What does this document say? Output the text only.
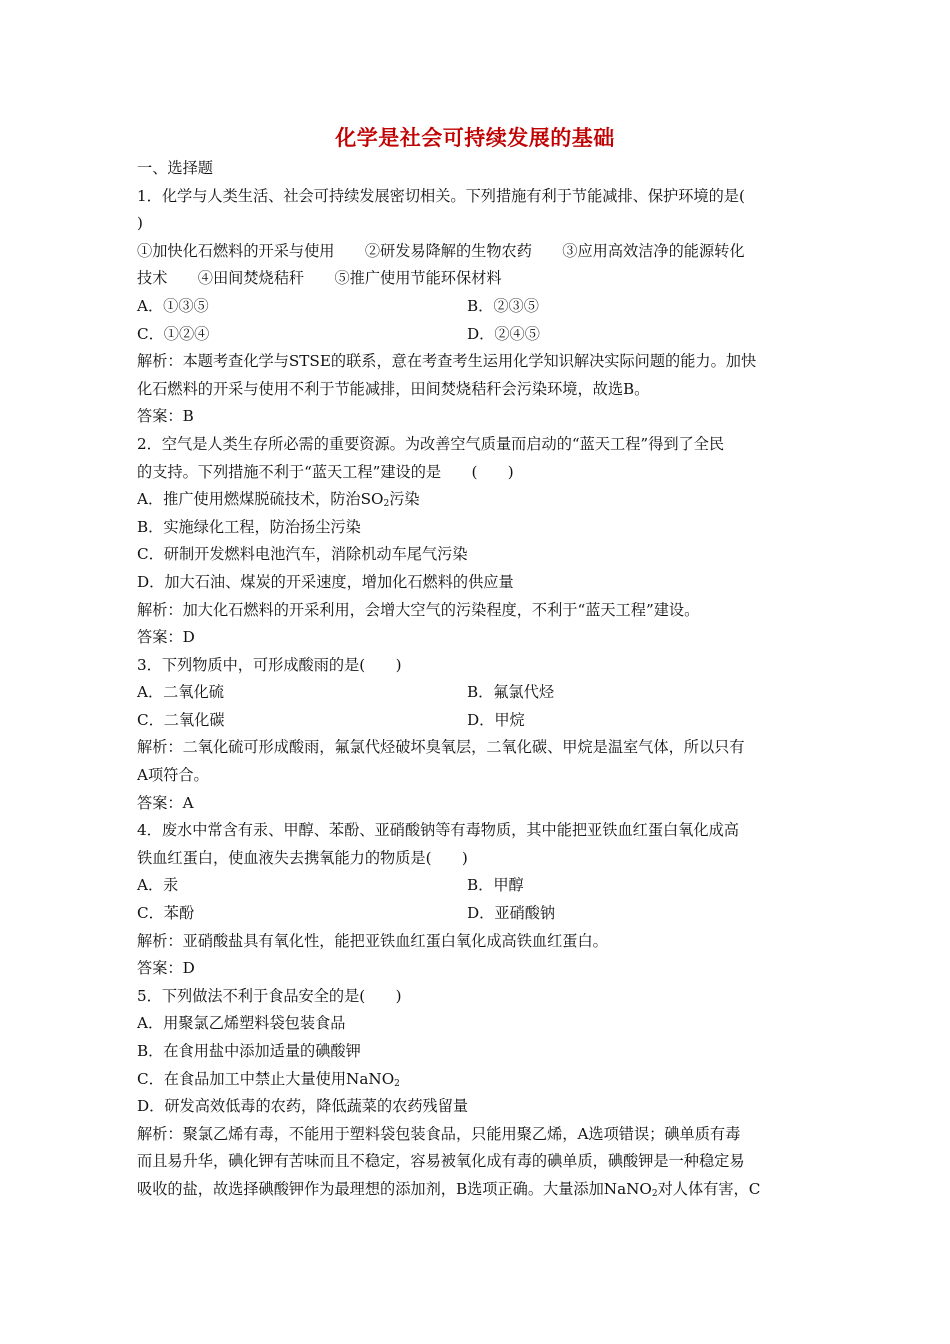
化学是社会可持续发展的基础
一、选择题
1．化学与人类生活、社会可持续发展密切相关。下列措施有利于节能减排、保护环境的是(
)
①加快化石燃料的开采与使用　　②研发易降解的生物农药　　③应用高效洁净的能源转化
技术　　④田间焚烧秸秆　　⑤推广使用节能环保材料
A．①③⑤	B．②③⑤
C．①②④	D．②④⑤
解析：本题考查化学与STSE的联系，意在考查考生运用化学知识解决实际问题的能力。加快
化石燃料的开采与使用不利于节能减排，田间焚烧秸秆会污染环境，故选B。
答案：B
2．空气是人类生存所必需的重要资源。为改善空气质量而启动的“蓝天工程”得到了全民
的支持。下列措施不利于“蓝天工程”建设的是　　(　　)
A．推广使用燃煤脱硫技术，防治$SO_2$污染
B．实施绿化工程，防治扬尘污染
C．研制开发燃料电池汽车，消除机动车尾气污染
D．加大石油、煤炭的开采速度，增加化石燃料的供应量
解析：加大化石燃料的开采利用，会增大空气的污染程度，不利于“蓝天工程”建设。
答案：D
3．下列物质中，可形成酸雨的是(　　)
A．二氧化硫	B．氟氯代烃
C．二氧化碳	D．甲烷
解析：二氧化硫可形成酸雨，氟氯代烃破坏臭氧层，二氧化碳、甲烷是温室气体，所以只有
A项符合。
答案：A
4．废水中常含有汞、甲醇、苯酚、亚硝酸钠等有毒物质，其中能把亚铁血红蛋白氧化成高
铁血红蛋白，使血液失去携氧能力的物质是(　　)
A．汞	B．甲醇
C．苯酚	D．亚硝酸钠
解析：亚硝酸盐具有氧化性，能把亚铁血红蛋白氧化成高铁血红蛋白。
答案：D
5．下列做法不利于食品安全的是(　　)
A．用聚氯乙烯塑料袋包装食品
B．在食用盐中添加适量的碘酸钾
C．在食品加工中禁止大量使用NaNO$_2$
D．研发高效低毒的农药，降低蔬菜的农药残留量
解析：聚氯乙烯有毒，不能用于塑料袋包装食品，只能用聚乙烯，A选项错误；碘单质有毒
而且易升华，碘化钾有苦味而且不稳定，容易被氧化成有毒的碘单质，碘酸钾是一种稳定易
吸收的盐，故选择碘酸钾作为最理想的添加剂，B选项正确。大量添加NaNO$_2$对人体有害，C
